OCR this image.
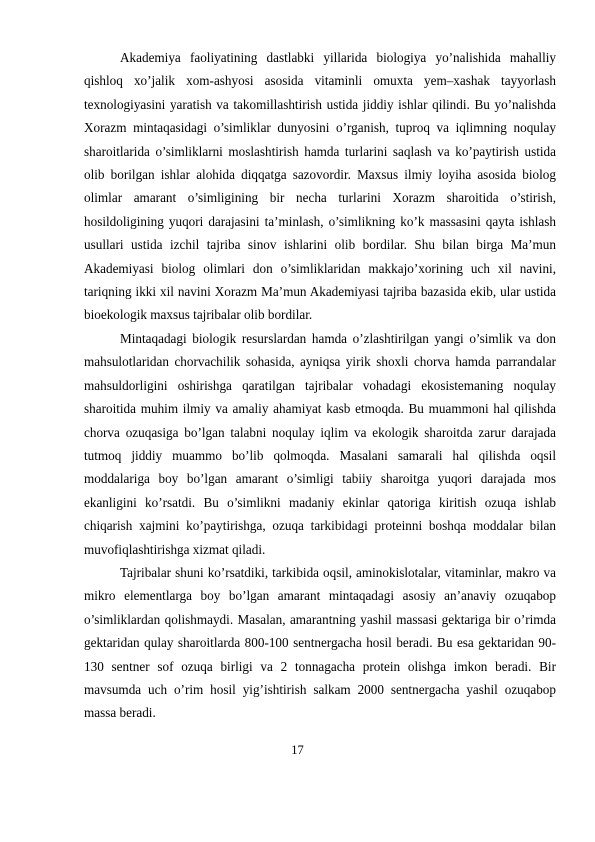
Akademiya faoliyatining dastlabki yillarida biologiya yo’nalishida mahalliy qishloq xo’jalik xom-ashyosi asosida vitaminli omuxta yem–xashak tayyorlash texnologiyasini yaratish va takomillashtirish ustida jiddiy ishlar qilindi. Bu yo’nalishda Xorazm mintaqasidagi o’simliklar dunyosini o’rganish, tuproq va iqlimning noqulay sharoitlarida o’simliklarni moslashtirish hamda turlarini saqlash va ko’paytirish ustida olib borilgan ishlar alohida diqqatga sazovordir. Maxsus ilmiy loyiha asosida biolog olimlar amarant o’simligining bir necha turlarini Xorazm sharoitida o’stirish, hosildoligining yuqori darajasini ta’minlash, o’simlikning ko’k massasini qayta ishlash usullari ustida izchil tajriba sinov ishlarini olib bordilar. Shu bilan birga Ma’mun Akademiyasi biolog olimlari don o’simliklaridan makkajo’xorining uch xil navini, tariqning ikki xil navini Xorazm Ma’mun Akademiyasi tajriba bazasida ekib, ular ustida bioekologik maxsus tajribalar olib bordilar.

Mintaqadagi biologik resurslardan hamda o’zlashtirilgan yangi o’simlik va don mahsulotlaridan chorvachilik sohasida, ayniqsa yirik shoxli chorva hamda parrandalar mahsuldorligini oshirishga qaratilgan tajribalar vohadagi ekosistemaning noqulay sharoitida muhim ilmiy va amaliy ahamiyat kasb etmoqda. Bu muammoni hal qilishda chorva ozuqasiga bo’lgan talabni noqulay iqlim va ekologik sharoitda zarur darajada tutmoq jiddiy muammo bo’lib qolmoqda. Masalani samarali hal qilishda oqsil moddalariga boy bo’lgan amarant o’simligi tabiiy sharoitga yuqori darajada mos ekanligini ko’rsatdi. Bu o’simlikni madaniy ekinlar qatoriga kiritish ozuqa ishlab chiqarish xajmini ko’paytirishga, ozuqa tarkibidagi proteinni boshqa moddalar bilan muvofiqlashtirishga xizmat qiladi.

Tajribalar shuni ko’rsatdiki, tarkibida oqsil, aminokislotalar, vitaminlar, makro va mikro elementlarga boy bo’lgan amarant mintaqadagi asosiy an’anaviy ozuqabop o’simliklardan qolishmaydi. Masalan, amarantning yashil massasi gektariga bir o’rimda gektaridan qulay sharoitlarda 800-100 sentnergacha hosil beradi. Bu esa gektaridan 90-130 sentner sof ozuqa birligi va 2 tonnagacha protein olishga imkon beradi. Bir mavsumda uch o’rim hosil yig’ishtirish salkam 2000 sentnergacha yashil ozuqabop massa beradi.

17
